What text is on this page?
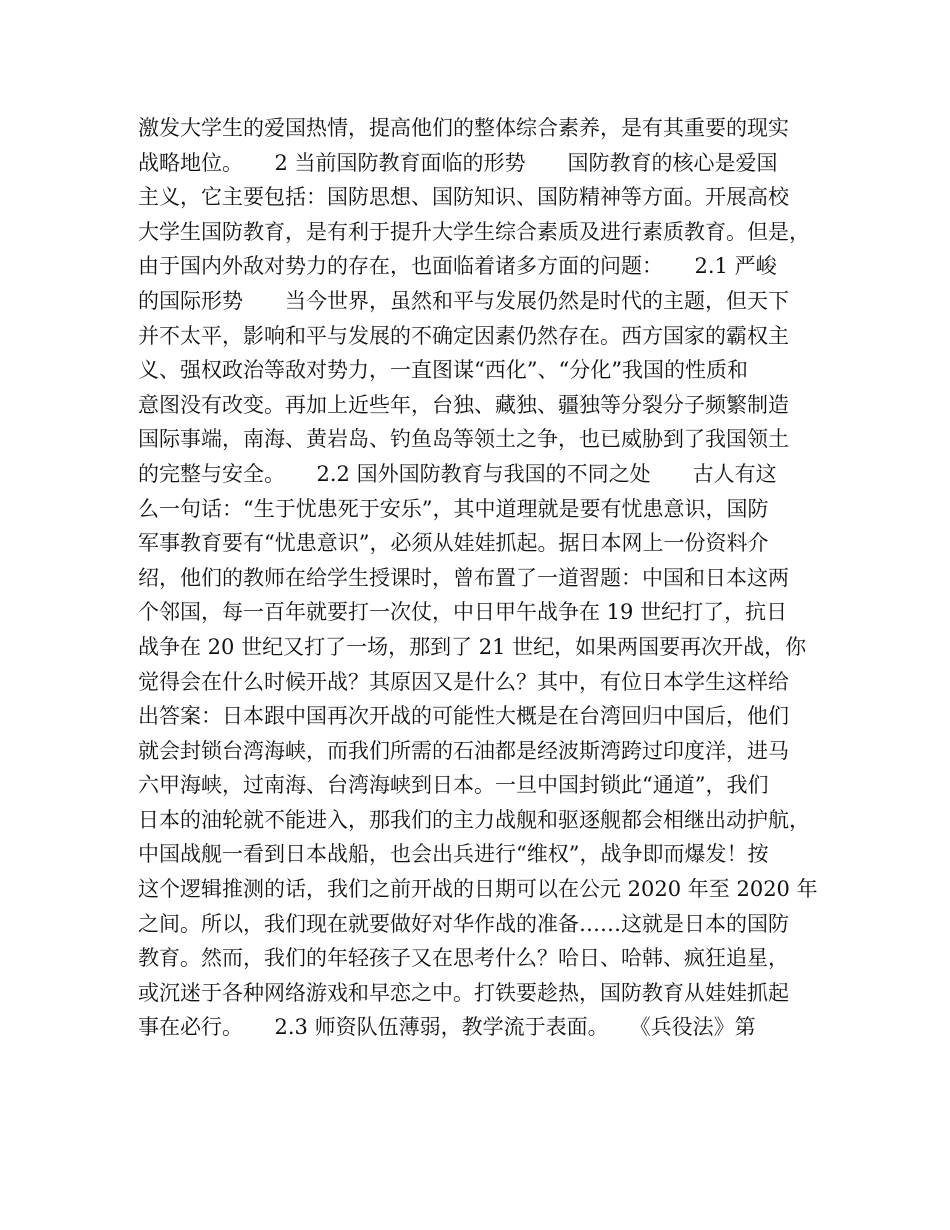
激发大学生的爱国热情，提高他们的整体综合素养，是有其重要的现实
战略地位。　　2 当前国防教育面临的形势　　国防教育的核心是爱国
主义，它主要包括：国防思想、国防知识、国防精神等方面。开展高校
大学生国防教育，是有利于提升大学生综合素质及进行素质教育。但是，
由于国内外敌对势力的存在，也面临着诸多方面的问题：　　2.1 严峻
的国际形势　　当今世界，虽然和平与发展仍然是时代的主题，但天下
并不太平，影响和平与发展的不确定因素仍然存在。西方国家的霸权主
义、强权政治等敌对势力，一直图谋“西化”、“分化”我国的性质和
意图没有改变。再加上近些年，台独、藏独、疆独等分裂分子频繁制造
国际事端，南海、黄岩岛、钓鱼岛等领土之争，也已威胁到了我国领土
的完整与安全。　　2.2 国外国防教育与我国的不同之处　　古人有这
么一句话：“生于忧患死于安乐”，其中道理就是要有忧患意识，国防
军事教育要有“忧患意识”，必须从娃娃抓起。据日本网上一份资料介
绍，他们的教师在给学生授课时，曾布置了一道習题：中国和日本这两
个邻国，每一百年就要打一次仗，中日甲午战争在 19 世纪打了，抗日
战争在 20 世纪又打了一场，那到了 21 世纪，如果两国要再次开战，你
觉得会在什么时候开战？其原因又是什么？其中，有位日本学生这样给
出答案：日本跟中国再次开战的可能性大概是在台湾回归中国后，他们
就会封锁台湾海峡，而我们所需的石油都是经波斯湾跨过印度洋，进马
六甲海峡，过南海、台湾海峡到日本。一旦中国封锁此“通道”，我们
日本的油轮就不能进入，那我们的主力战舰和驱逐舰都会相继出动护航，
中国战舰一看到日本战船，也会出兵进行“维权”，战争即而爆发！按
这个逻辑推测的话，我们之前开战的日期可以在公元 2020 年至 2020 年
之间。所以，我们现在就要做好对华作战的准备……这就是日本的国防
教育。然而，我们的年轻孩子又在思考什么？哈日、哈韩、疯狂追星，
或沉迷于各种网络游戏和早恋之中。打铁要趁热，国防教育从娃娃抓起
事在必行。　　2.3 师资队伍薄弱，教学流于表面。　　《兵役法》第
